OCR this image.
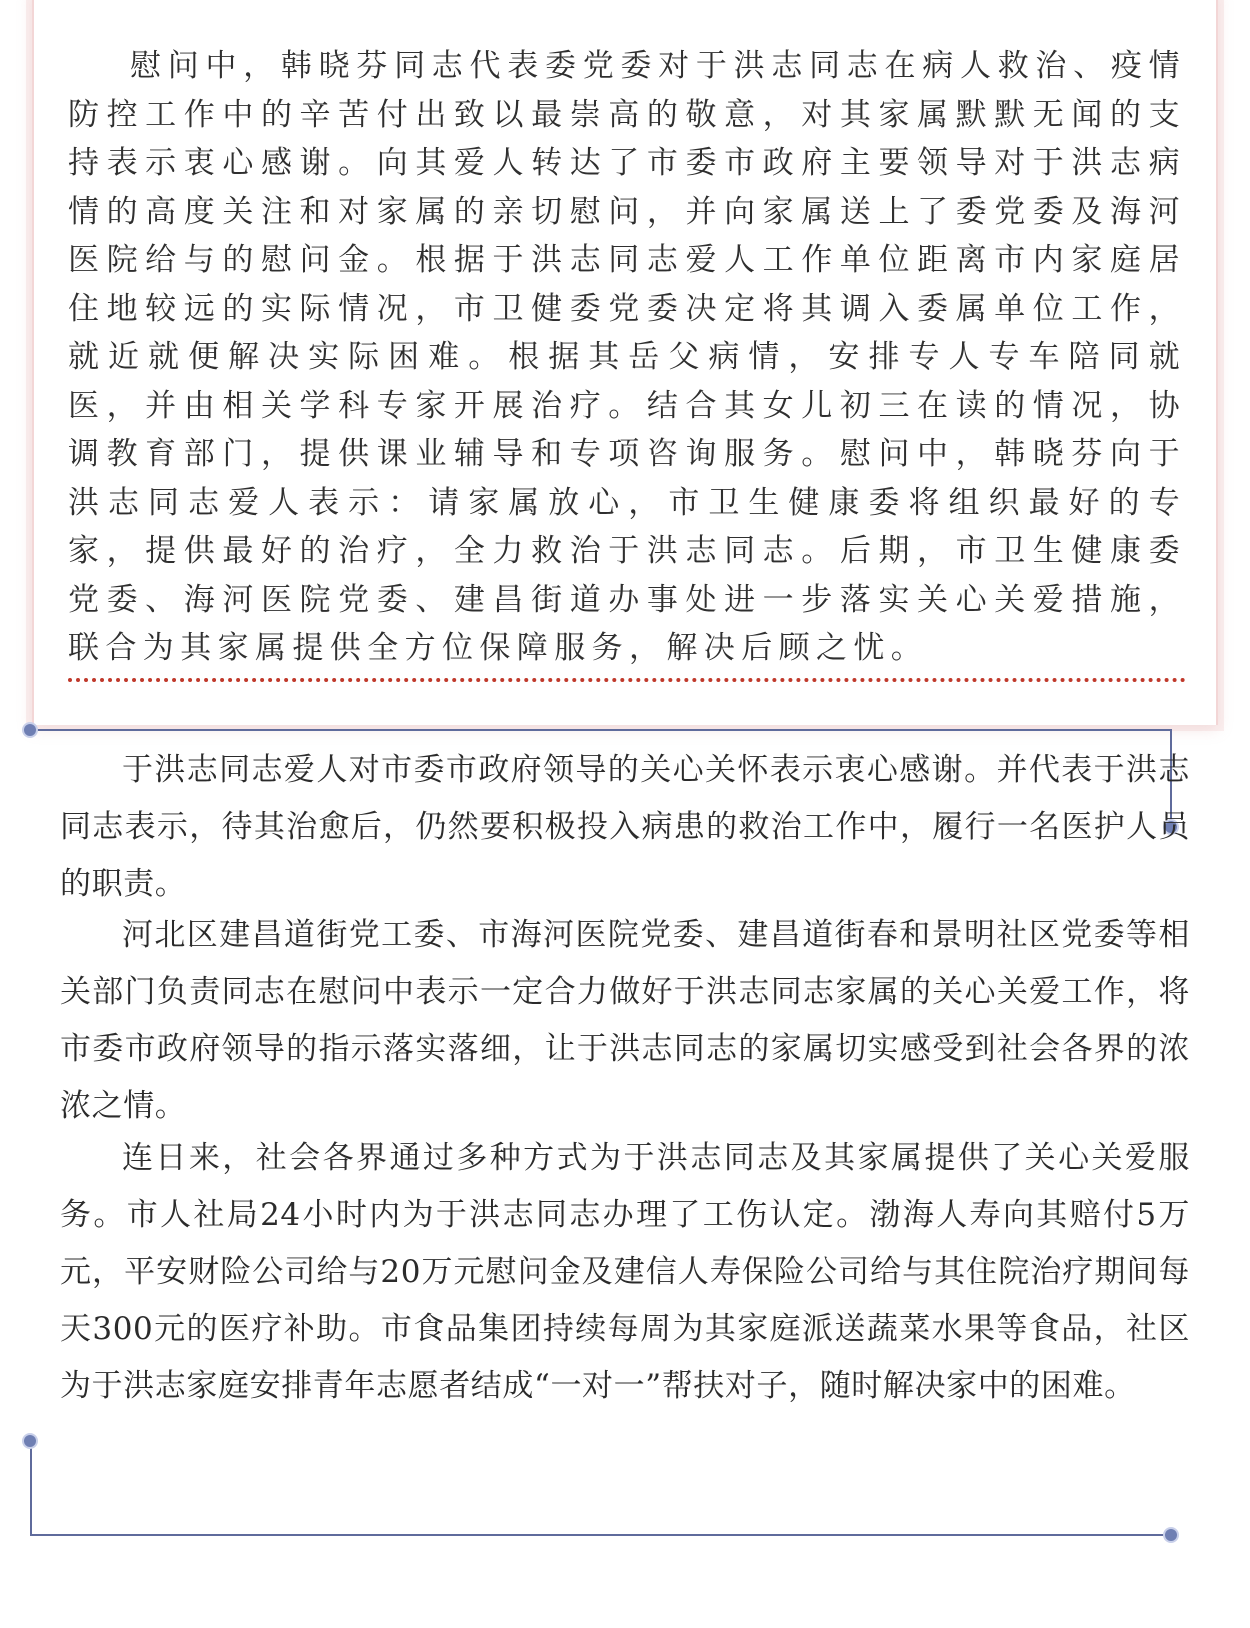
慰问中，韩晓芬同志代表委党委对于洪志同志在病人救治、疫情防控工作中的辛苦付出致以最崇高的敬意，对其家属默默无闻的支持表示衷心感谢。向其爱人转达了市委市政府主要领导对于洪志病情的高度关注和对家属的亲切慰问，并向家属送上了委党委及海河医院给与的慰问金。根据于洪志同志爱人工作单位距离市内家庭居住地较远的实际情况，市卫健委党委决定将其调入委属单位工作，就近就便解决实际困难。根据其岳父病情，安排专人专车陪同就医，并由相关学科专家开展治疗。结合其女儿初三在读的情况，协调教育部门，提供课业辅导和专项咨询服务。慰问中，韩晓芬向于洪志同志爱人表示：请家属放心，市卫生健康委将组织最好的专家，提供最好的治疗，全力救治于洪志同志。后期，市卫生健康委党委、海河医院党委、建昌街道办事处进一步落实关心关爱措施，联合为其家属提供全方位保障服务，解决后顾之忧。

于洪志同志爱人对市委市政府领导的关心关怀表示衷心感谢。并代表于洪志同志表示，待其治愈后，仍然要积极投入病患的救治工作中，履行一名医护人员的职责。

河北区建昌道街党工委、市海河医院党委、建昌道街春和景明社区党委等相关部门负责同志在慰问中表示一定合力做好于洪志同志家属的关心关爱工作，将市委市政府领导的指示落实落细，让于洪志同志的家属切实感受到社会各界的浓浓之情。

连日来，社会各界通过多种方式为于洪志同志及其家属提供了关心关爱服务。市人社局24小时内为于洪志同志办理了工伤认定。渤海人寿向其赔付5万元，平安财险公司给与20万元慰问金及建信人寿保险公司给与其住院治疗期间每天300元的医疗补助。市食品集团持续每周为其家庭派送蔬菜水果等食品，社区为于洪志家庭安排青年志愿者结成“一对一”帮扶对子，随时解决家中的困难。
